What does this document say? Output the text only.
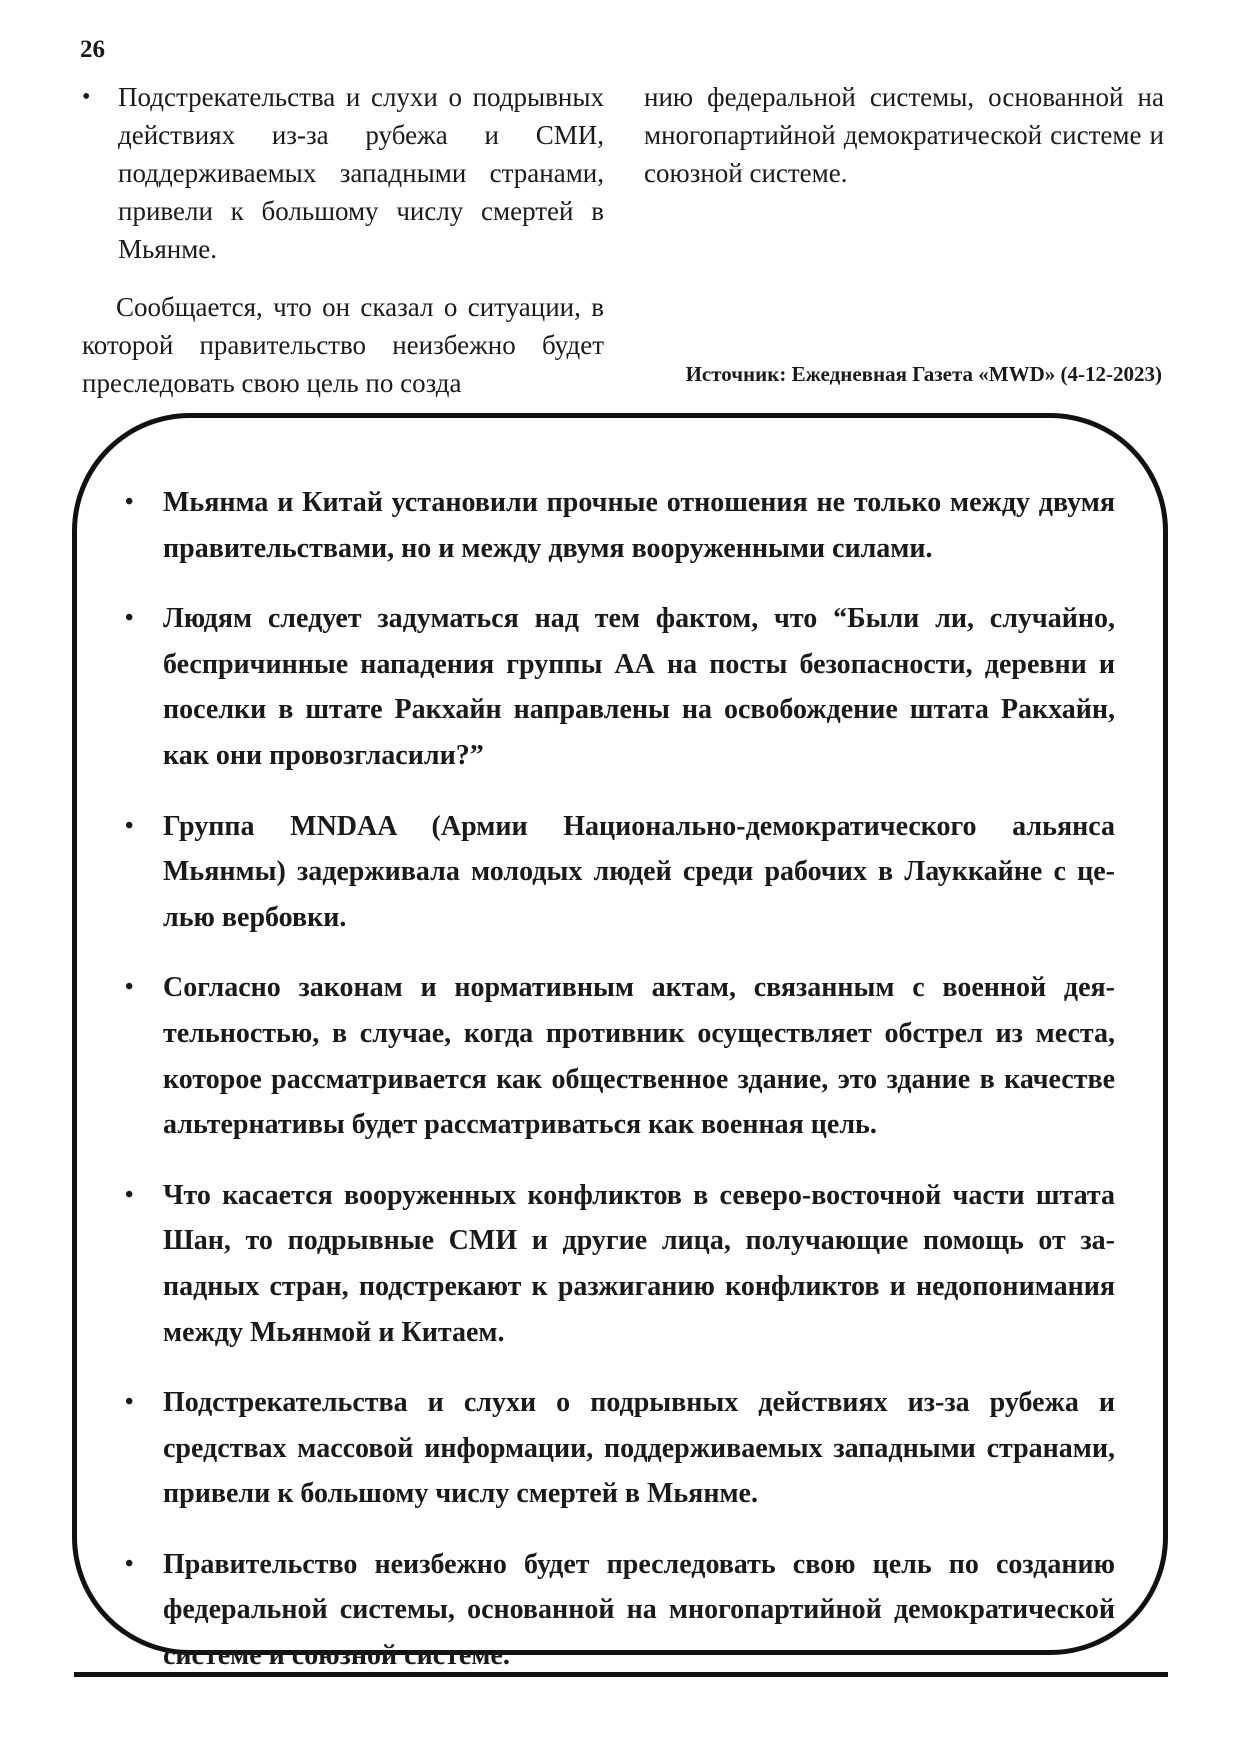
26
• Подстрекательства и слухи о подрывных действиях из-за рубежа и СМИ, поддерживаемых западными странами, привели к большому числу смертей в Мьянме.

Сообщается, что он сказал о ситуации, в которой правительство неизбежно будет преследовать свою цель по созда

нию федеральной системы, основанной на многопартийной демократической системе и союзной системе.

Источник: Ежедневная Газета «MWD» (4-12-2023)
• Мьянма и Китай установили прочные отношения не только между двумя правительствами, но и между двумя вооруженными силами.
• Людям следует задуматься над тем фактом, что “Были ли, случайно, беспричинные нападения группы АА на посты безопасности, деревни и поселки в штате Ракхайн направлены на освобождение штата Ракхайн, как они провозгласили?”
• Группа MNDAA (Армии Национально-демократического альянса Мьянмы) задерживала молодых людей среди рабочих в Лауккайне с целью вербовки.
• Согласно законам и нормативным актам, связанным с военной деятельностью, в случае, когда противник осуществляет обстрел из места, которое рассматривается как общественное здание, это здание в качестве альтернативы будет рассматриваться как военная цель.
• Что касается вооруженных конфликтов в северо-восточной части штата Шан, то подрывные СМИ и другие лица, получающие помощь от западных стран, подстрекают к разжиганию конфликтов и недопонимания между Мьянмой и Китаем.
• Подстрекательства и слухи о подрывных действиях из-за рубежа и средствах массовой информации, поддерживаемых западными странами, привели к большому числу смертей в Мьянме.
• Правительство неизбежно будет преследовать свою цель по созданию федеральной системы, основанной на многопартийной демократической системе и союзной системе.
